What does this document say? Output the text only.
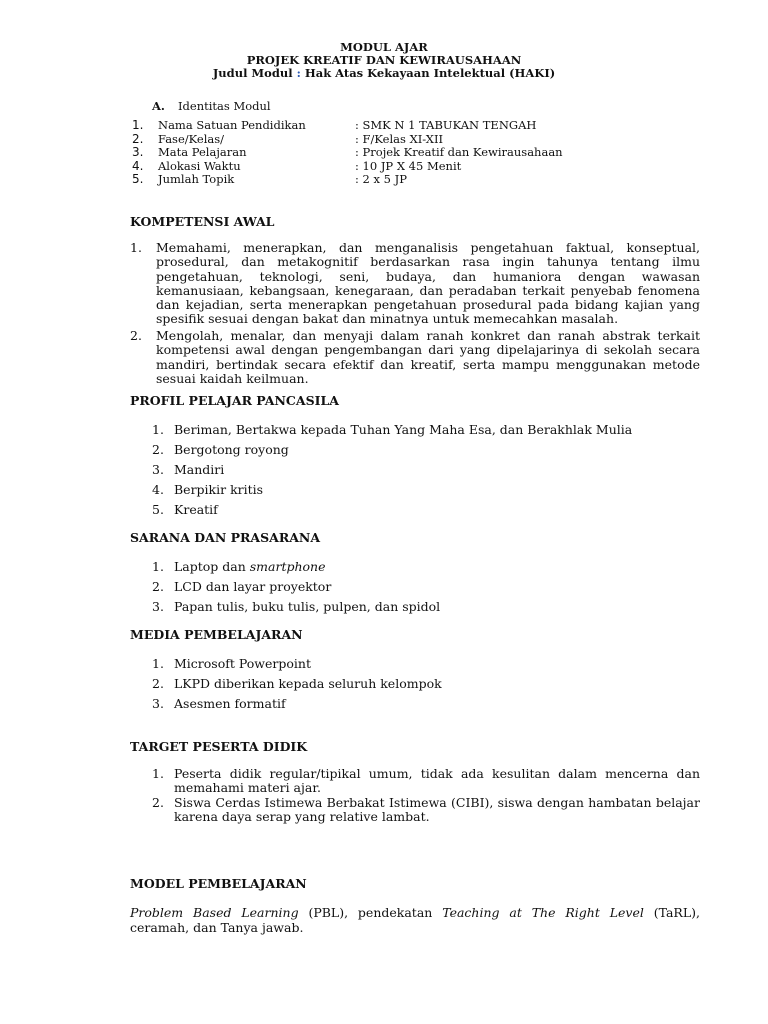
MODUL AJAR
PROJEK KREATIF DAN KEWIRAUSAHAAN
Judul Modul : Hak Atas Kekayaan Intelektual (HAKI)
A. Identitas Modul
1. Nama Satuan Pendidikan	: SMK N 1 TABUKAN TENGAH
2. Fase/Kelas/	: F/Kelas XI-XII
3. Mata Pelajaran	: Projek Kreatif dan Kewirausahaan
4. Alokasi Waktu	: 10 JP X 45 Menit
5. Jumlah Topik	: 2 x 5 JP
KOMPETENSI AWAL
1. Memahami, menerapkan, dan menganalisis pengetahuan faktual, konseptual, prosedural, dan metakognitif berdasarkan rasa ingin tahunya tentang ilmu pengetahuan, teknologi, seni, budaya, dan humaniora dengan wawasan kemanusiaan, kebangsaan, kenegaraan, dan peradaban terkait penyebab fenomena dan kejadian, serta menerapkan pengetahuan prosedural pada bidang kajian yang spesifik sesuai dengan bakat dan minatnya untuk memecahkan masalah.
2. Mengolah, menalar, dan menyaji dalam ranah konkret dan ranah abstrak terkait kompetensi awal dengan pengembangan dari yang dipelajarinya di sekolah secara mandiri, bertindak secara efektif dan kreatif, serta mampu menggunakan metode sesuai kaidah keilmuan.
PROFIL PELAJAR PANCASILA
1. Beriman, Bertakwa kepada Tuhan Yang Maha Esa, dan Berakhlak Mulia
2. Bergotong royong
3. Mandiri
4. Berpikir kritis
5. Kreatif
SARANA DAN PRASARANA
1. Laptop dan smartphone
2. LCD dan layar proyektor
3. Papan tulis, buku tulis, pulpen, dan spidol
MEDIA PEMBELAJARAN
1. Microsoft Powerpoint
2. LKPD diberikan kepada seluruh kelompok
3. Asesmen formatif
TARGET PESERTA DIDIK
1. Peserta didik regular/tipikal umum, tidak ada kesulitan dalam mencerna dan memahami materi ajar.
2. Siswa Cerdas Istimewa Berbakat Istimewa (CIBI), siswa dengan hambatan belajar karena daya serap yang relative lambat.
MODEL PEMBELAJARAN
Problem Based Learning (PBL), pendekatan Teaching at The Right Level (TaRL), ceramah, dan Tanya jawab.
